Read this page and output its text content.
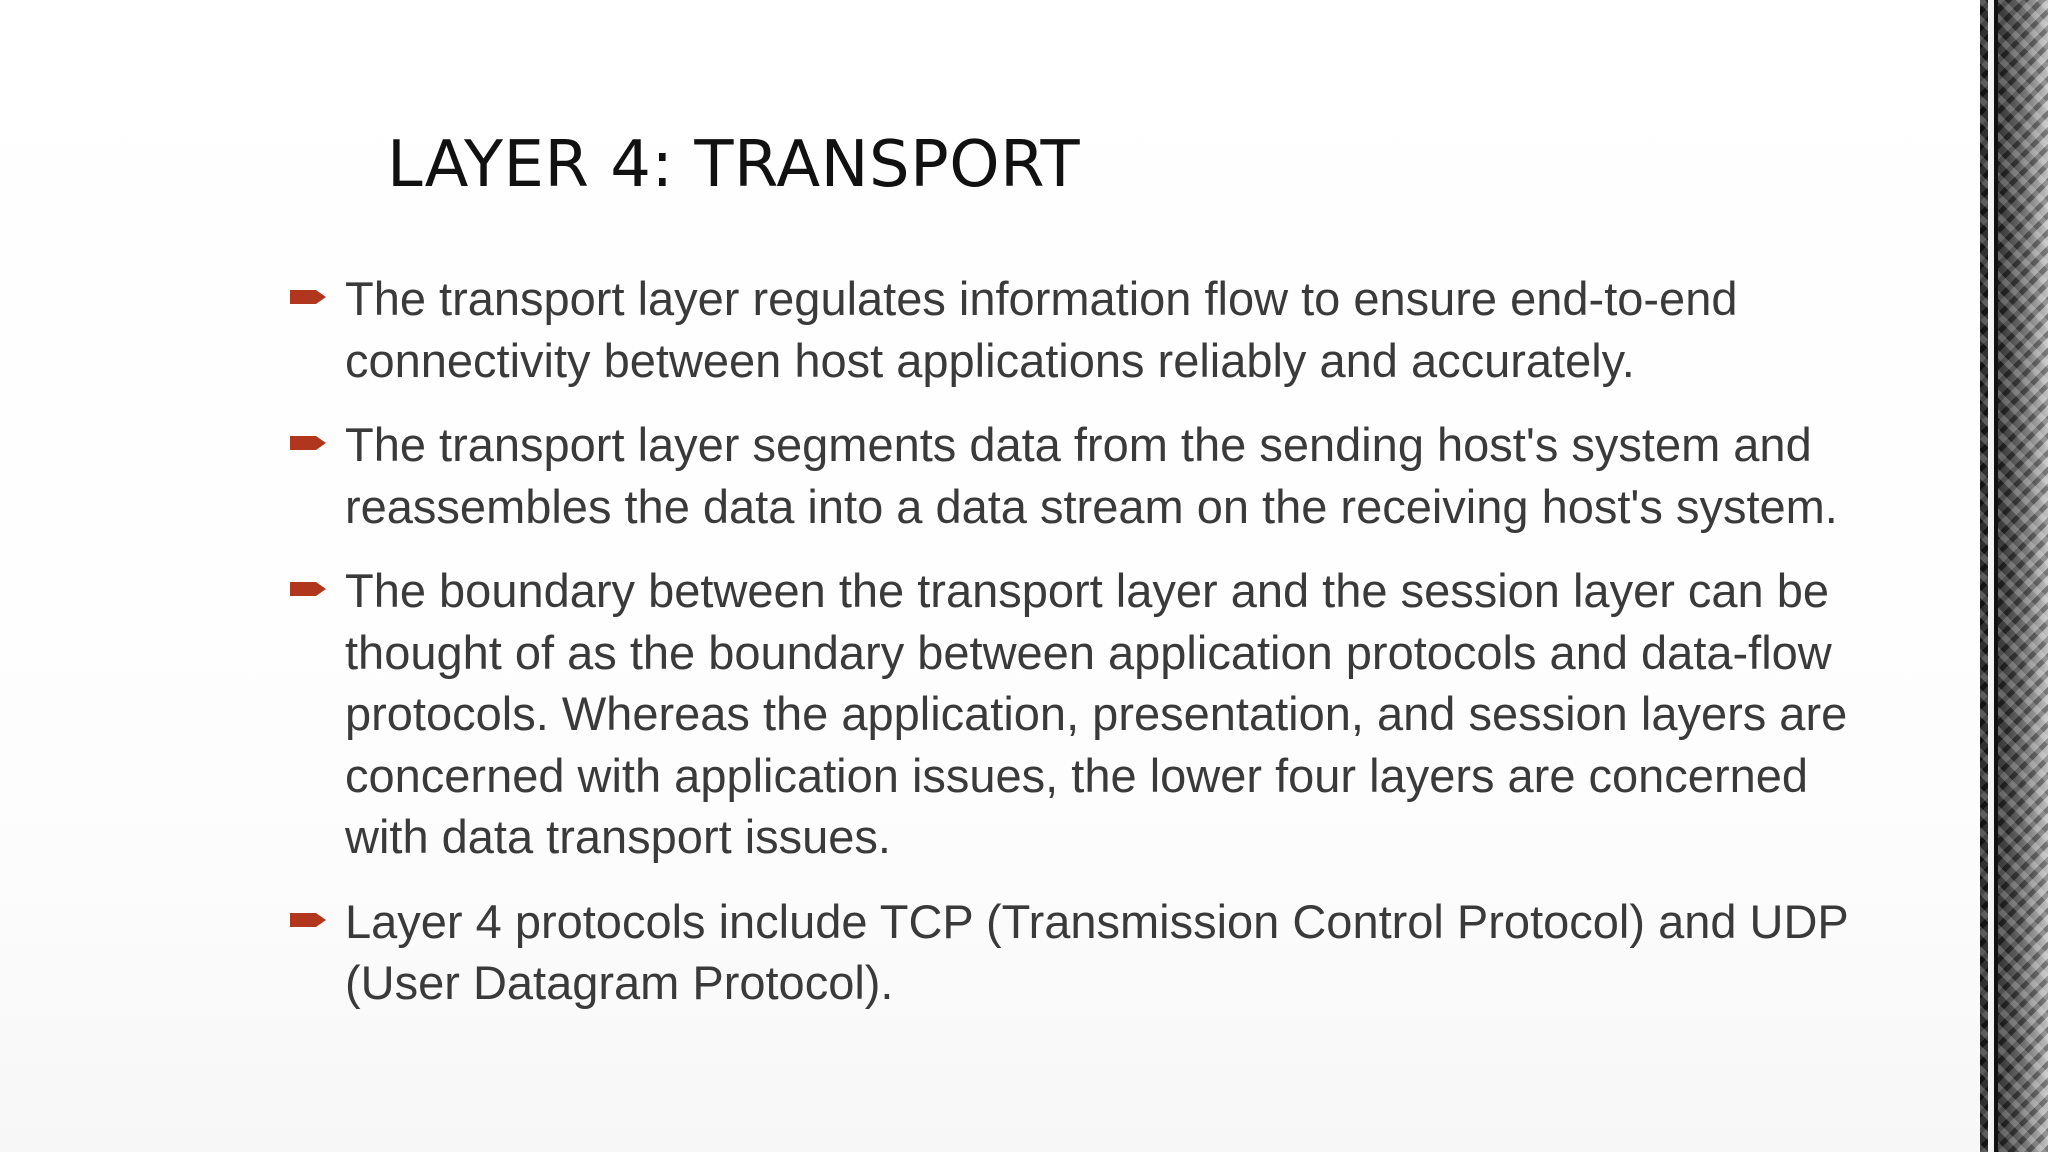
LAYER 4: TRANSPORT
The transport layer regulates information flow to ensure end-to-end
connectivity between host applications reliably and accurately.
The transport layer segments data from the sending host's system and
reassembles the data into a data stream on the receiving host's system.
The boundary between the transport layer and the session layer can be
thought of as the boundary between application protocols and data-flow
protocols. Whereas the application, presentation, and session layers are
concerned with application issues, the lower four layers are concerned
with data transport issues.
Layer 4 protocols include TCP (Transmission Control Protocol) and UDP
(User Datagram Protocol).
